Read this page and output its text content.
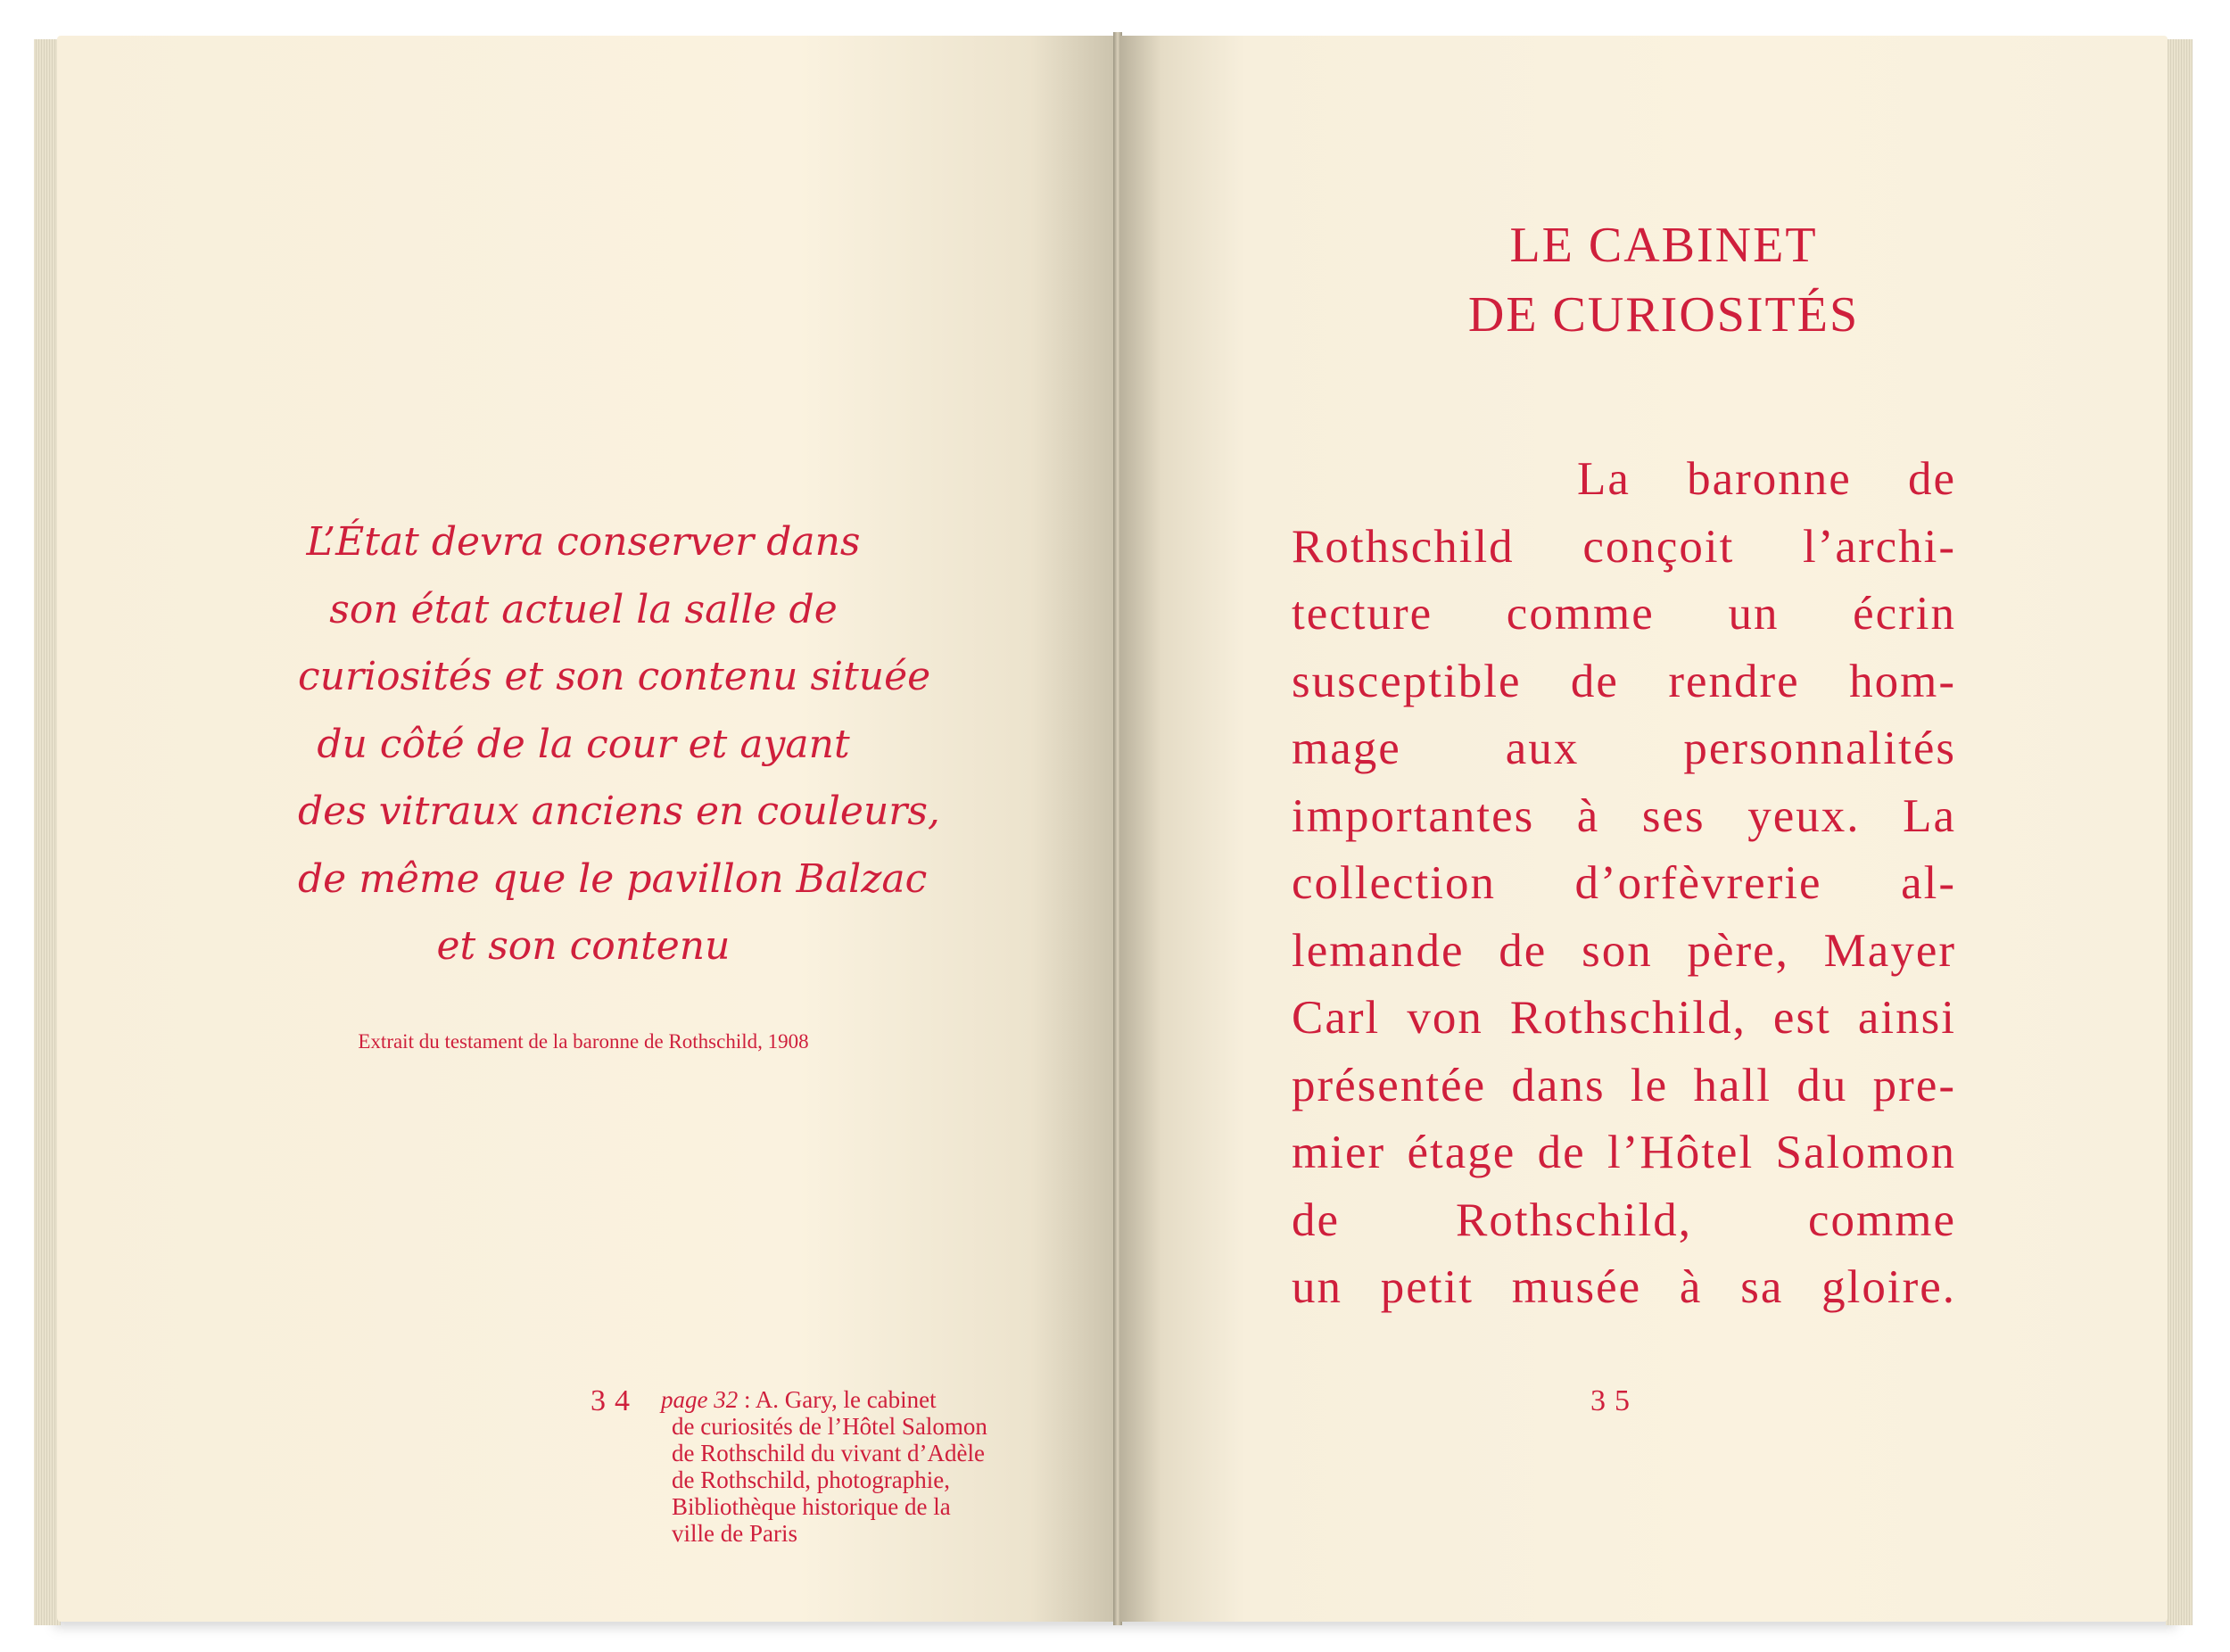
L’État devra conserver dans
son état actuel la salle de
curiosités et son contenu située
du côté de la cour et ayant
des vitraux anciens en couleurs,
de même que le pavillon Balzac
et son contenu
Extrait du testament de la baronne de Rothschild, 1908
34 page 32 : A. Gary, le cabinet
de curiosités de l’Hôtel Salomon
de Rothschild du vivant d’Adèle
de Rothschild, photographie,
Bibliothèque historique de la
ville de Paris
LE CABINET
DE CURIOSITÉS
La baronne de
Rothschild conçoit l’archi-
tecture comme un écrin
susceptible de rendre hom-
mage aux personnalités
importantes à ses yeux. La
collection d’orfèvrerie al-
lemande de son père, Mayer
Carl von Rothschild, est ainsi
présentée dans le hall du pre-
mier étage de l’Hôtel Salomon
de Rothschild, comme
un petit musée à sa gloire.
35
